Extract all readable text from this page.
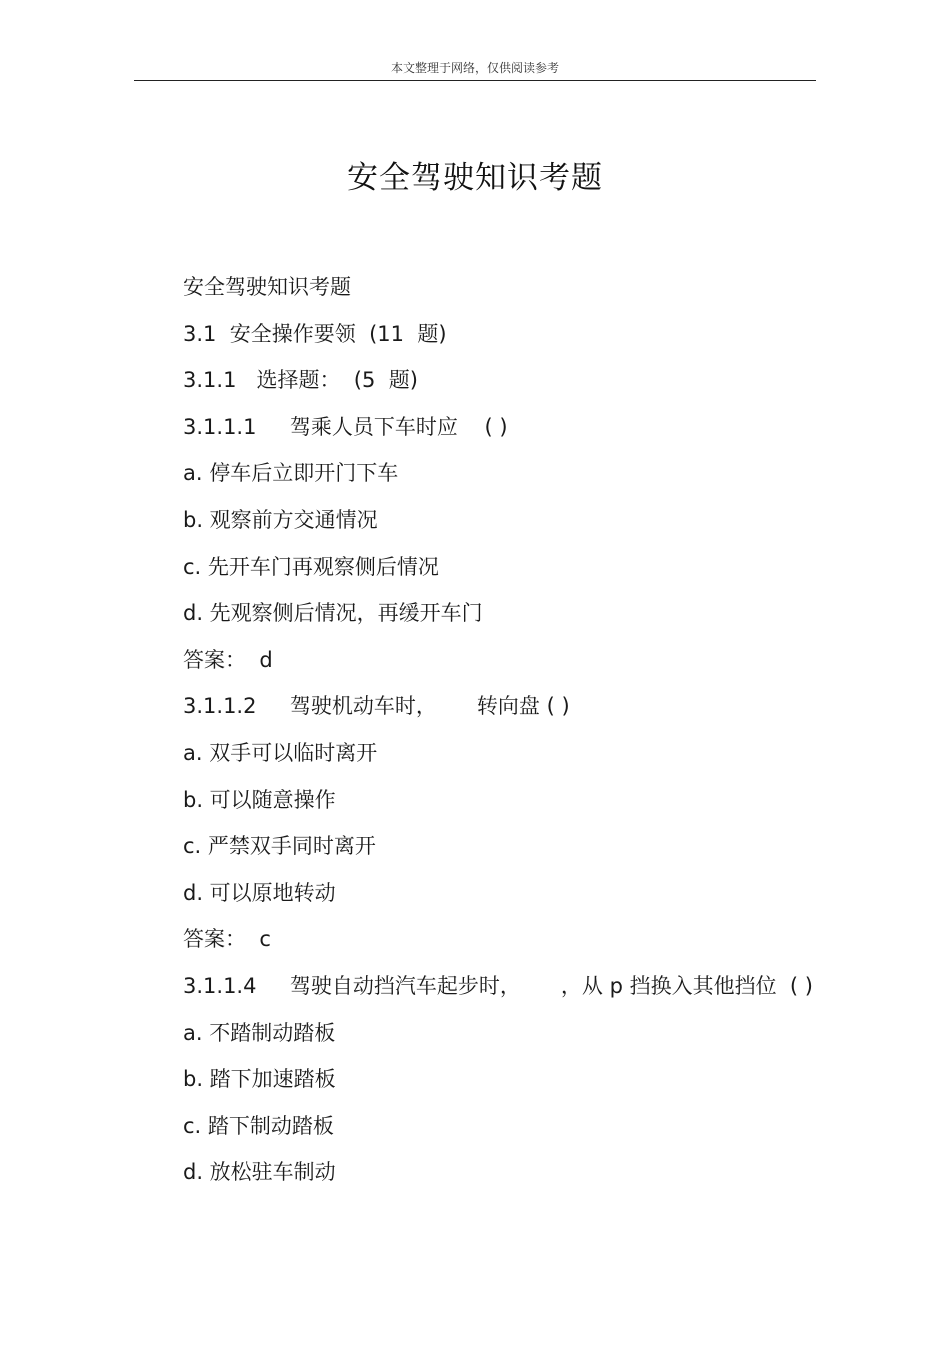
本文整理于网络，仅供阅读参考
安全驾驶知识考题
安全驾驶知识考题
3.1  安全操作要领  (11  题)
3.1.1   选择题：  (5  题)
3.1.1.1     驾乘人员下车时应    ( )
a. 停车后立即开门下车
b. 观察前方交通情况
c. 先开车门再观察侧后情况
d. 先观察侧后情况，再缓开车门
答案：  d
3.1.1.2     驾驶机动车时，      转向盘 ( )
a. 双手可以临时离开
b. 可以随意操作
c. 严禁双手同时离开
d. 可以原地转动
答案：  c
3.1.1.4     驾驶自动挡汽车起步时，      ，从 p 挡换入其他挡位  ( )
a. 不踏制动踏板
b. 踏下加速踏板
c. 踏下制动踏板
d. 放松驻车制动
